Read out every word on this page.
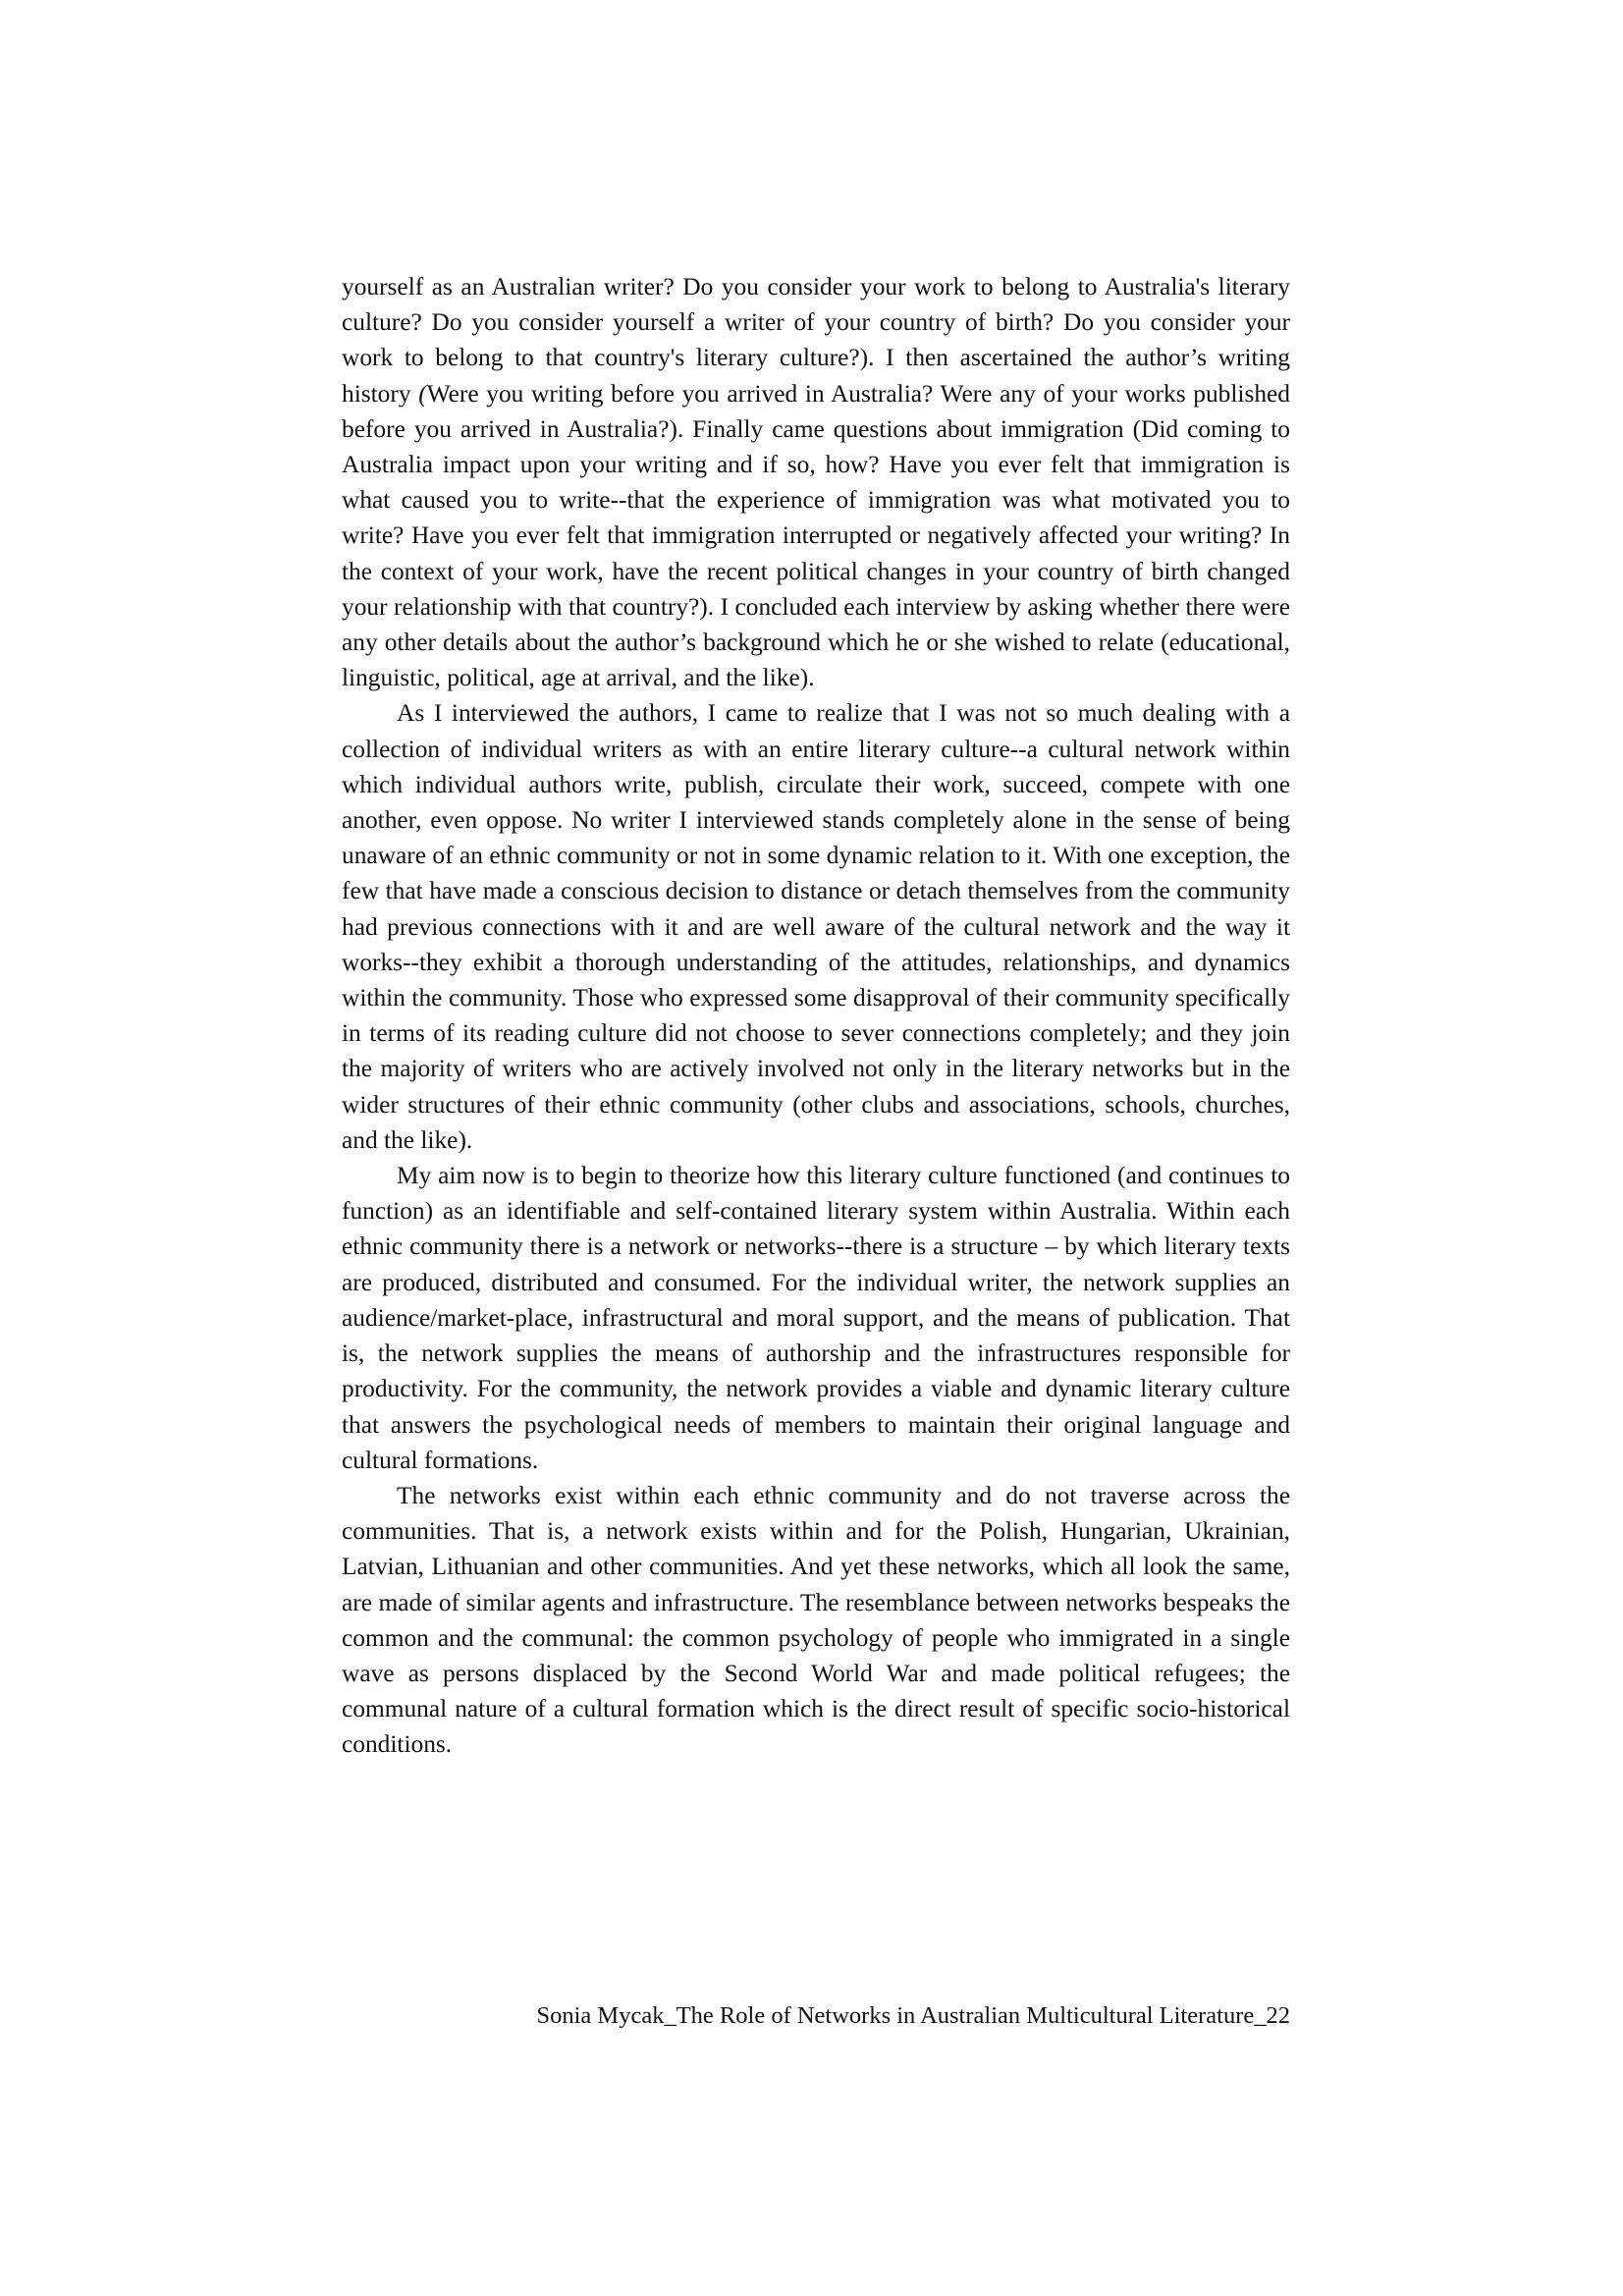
yourself as an Australian writer? Do you consider your work to belong to Australia's literary culture? Do you consider yourself a writer of your country of birth? Do you consider your work to belong to that country's literary culture?). I then ascertained the author’s writing history (Were you writing before you arrived in Australia? Were any of your works published before you arrived in Australia?). Finally came questions about immigration (Did coming to Australia impact upon your writing and if so, how? Have you ever felt that immigration is what caused you to write--that the experience of immigration was what motivated you to write? Have you ever felt that immigration interrupted or negatively affected your writing? In the context of your work, have the recent political changes in your country of birth changed your relationship with that country?). I concluded each interview by asking whether there were any other details about the author’s background which he or she wished to relate (educational, linguistic, political, age at arrival, and the like).

As I interviewed the authors, I came to realize that I was not so much dealing with a collection of individual writers as with an entire literary culture--a cultural network within which individual authors write, publish, circulate their work, succeed, compete with one another, even oppose. No writer I interviewed stands completely alone in the sense of being unaware of an ethnic community or not in some dynamic relation to it. With one exception, the few that have made a conscious decision to distance or detach themselves from the community had previous connections with it and are well aware of the cultural network and the way it works--they exhibit a thorough understanding of the attitudes, relationships, and dynamics within the community. Those who expressed some disapproval of their community specifically in terms of its reading culture did not choose to sever connections completely; and they join the majority of writers who are actively involved not only in the literary networks but in the wider structures of their ethnic community (other clubs and associations, schools, churches, and the like).

My aim now is to begin to theorize how this literary culture functioned (and continues to function) as an identifiable and self-contained literary system within Australia. Within each ethnic community there is a network or networks--there is a structure – by which literary texts are produced, distributed and consumed. For the individual writer, the network supplies an audience/market-place, infrastructural and moral support, and the means of publication. That is, the network supplies the means of authorship and the infrastructures responsible for productivity. For the community, the network provides a viable and dynamic literary culture that answers the psychological needs of members to maintain their original language and cultural formations.

The networks exist within each ethnic community and do not traverse across the communities. That is, a network exists within and for the Polish, Hungarian, Ukrainian, Latvian, Lithuanian and other communities. And yet these networks, which all look the same, are made of similar agents and infrastructure. The resemblance between networks bespeaks the common and the communal: the common psychology of people who immigrated in a single wave as persons displaced by the Second World War and made political refugees; the communal nature of a cultural formation which is the direct result of specific socio-historical conditions.

Sonia Mycak_The Role of Networks in Australian Multicultural Literature_22
